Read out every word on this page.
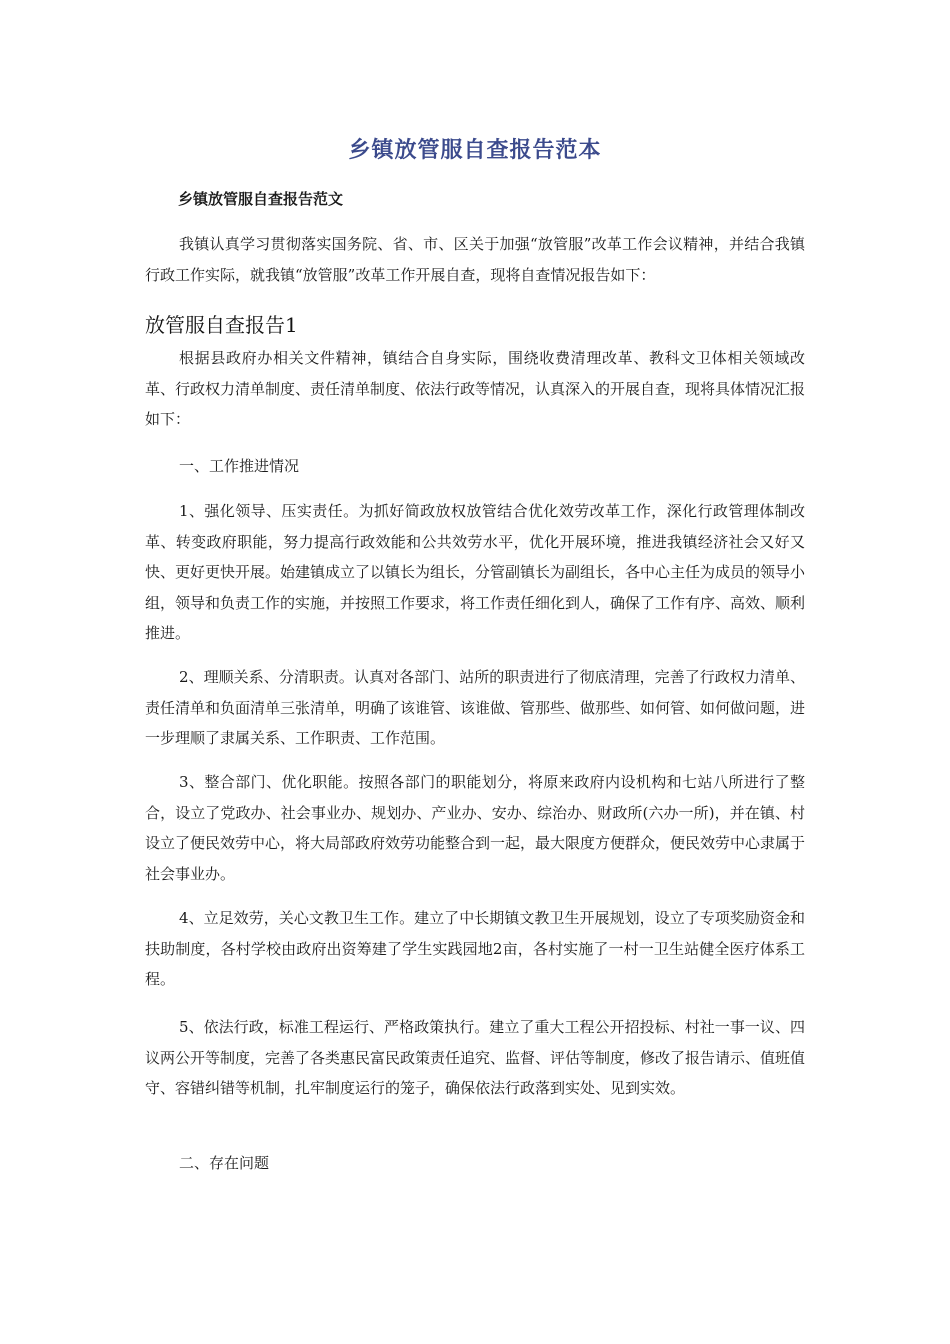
乡镇放管服自查报告范本
乡镇放管服自查报告范文

我镇认真学习贯彻落实国务院、省、市、区关于加强“放管服”改革工作会议精神，并结合我镇行政工作实际，就我镇“放管服”改革工作开展自查，现将自查情况报告如下：

放管服自查报告1

根据县政府办相关文件精神，镇结合自身实际，围绕收费清理改革、教科文卫体相关领域改革、行政权力清单制度、责任清单制度、依法行政等情况，认真深入的开展自查，现将具体情况汇报如下：

一、工作推进情况

1、强化领导、压实责任。为抓好简政放权放管结合优化效劳改革工作，深化行政管理体制改革、转变政府职能，努力提高行政效能和公共效劳水平，优化开展环境，推进我镇经济社会又好又快、更好更快开展。始建镇成立了以镇长为组长，分管副镇长为副组长，各中心主任为成员的领导小组，领导和负责工作的实施，并按照工作要求，将工作责任细化到人，确保了工作有序、高效、顺利推进。

2、理顺关系、分清职责。认真对各部门、站所的职责进行了彻底清理，完善了行政权力清单、责任清单和负面清单三张清单，明确了该谁管、该谁做、管那些、做那些、如何管、如何做问题，进一步理顺了隶属关系、工作职责、工作范围。

3、整合部门、优化职能。按照各部门的职能划分，将原来政府内设机构和七站八所进行了整合，设立了党政办、社会事业办、规划办、产业办、安办、综治办、财政所(六办一所)，并在镇、村设立了便民效劳中心，将大局部政府效劳功能整合到一起，最大限度方便群众，便民效劳中心隶属于社会事业办。

4、立足效劳，关心文教卫生工作。建立了中长期镇文教卫生开展规划，设立了专项奖励资金和扶助制度，各村学校由政府出资筹建了学生实践园地2亩，各村实施了一村一卫生站健全医疗体系工程。

5、依法行政，标准工程运行、严格政策执行。建立了重大工程公开招投标、村社一事一议、四议两公开等制度，完善了各类惠民富民政策责任追究、监督、评估等制度，修改了报告请示、值班值守、容错纠错等机制，扎牢制度运行的笼子，确保依法行政落到实处、见到实效。

二、存在问题
